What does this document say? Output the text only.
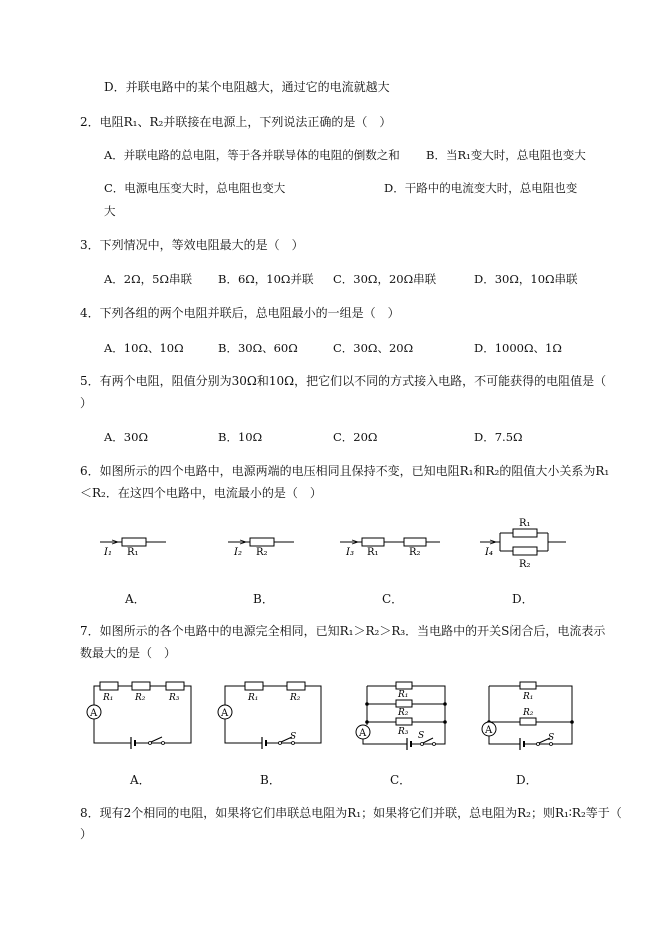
D．并联电路中的某个电阻越大，通过它的电流就越大
2．电阻R₁、R₂并联接在电源上，下列说法正确的是（　）
A．并联电路的总电阻，等于各并联导体的电阻的倒数之和 B．当R₁变大时，总电阻也变大
C．电源电压变大时，总电阻也变大	D．干路中的电流变大时，总电阻也变
大
3．下列情况中，等效电阻最大的是（　）
A．2Ω，5Ω串联 B．6Ω，10Ω并联 C．30Ω，20Ω串联	D．30Ω，10Ω串联
4．下列各组的两个电阻并联后，总电阻最小的一组是（　）
A．10Ω、10Ω	B．30Ω、60Ω	C．30Ω、20Ω	D．1000Ω、1Ω
5．有两个电阻，阻值分别为30Ω和10Ω，把它们以不同的方式接入电路，不可能获得的电阻值是（
）
A．30Ω	B．10Ω	C．20Ω	D．7.5Ω
6．如图所示的四个电路中，电源两端的电压相同且保持不变，已知电阻R₁和R₂的阻值大小关系为R₁
＜R₂．在这四个电路中，电流最小的是（　）
I₁ R₁	I₂ R₂	I₃ R₁	R₂	I₄
R₁
R₂
A．	B．	C．	D．
7．如图所示的各个电路中的电源完全相同，已知R₁＞R₂＞R₃．当电路中的开关S闭合后，电流表示
数最大的是（　）
A
R₁ R₂	R₃
A
R₁	R₂
S	A
R₁
R₂
R₃ S	A
R₁
R₂
S
A．	B．	C．	D．
8．现有2个相同的电阻，如果将它们串联总电阻为R₁；如果将它们并联，总电阻为R₂；则R₁∶R₂等于（
）
